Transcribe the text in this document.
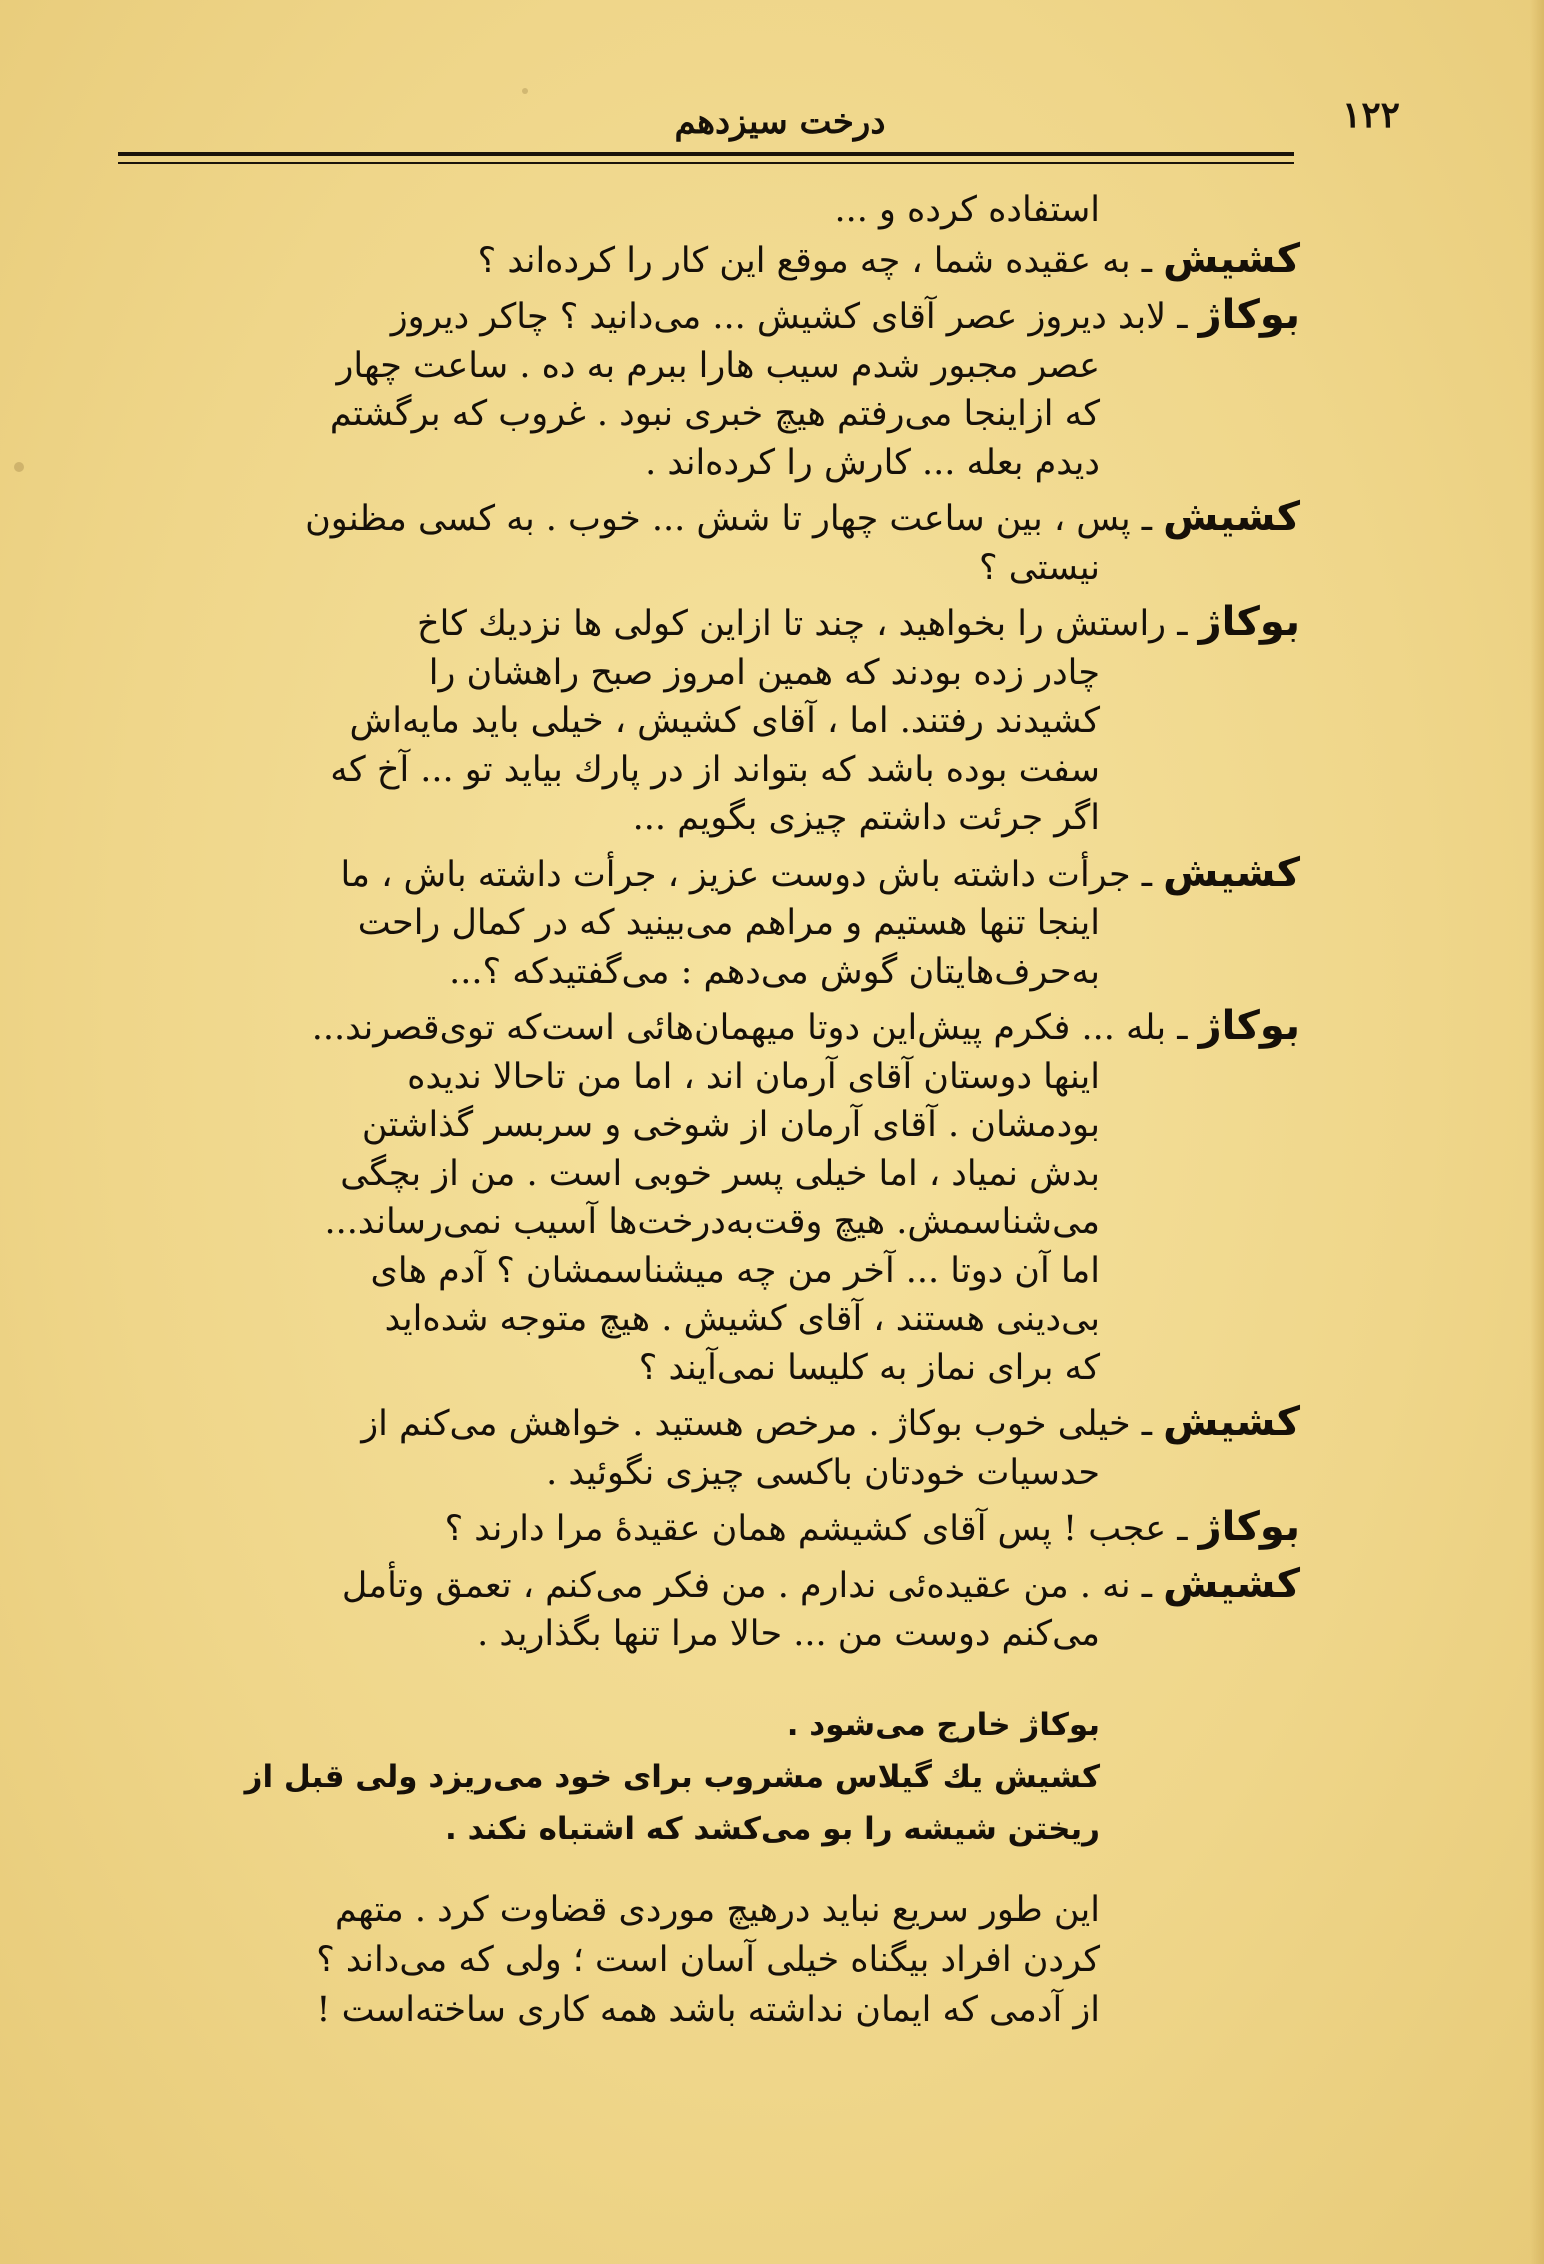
۱۲۲
درخت سیزدهم
استفاده کرده و ...
کشیش ـ به عقیده شما ، چه موقع این کار را کرده‌اند ؟
بوکاژ ـ لابد دیروز عصر آقای کشیش ... می‌دانید ؟ چاکر دیروز
عصر مجبور شدم سیب هارا ببرم به ده . ساعت چهار
که ازاینجا می‌رفتم هیچ خبری نبود . غروب که برگشتم
دیدم بعله ... کارش را کرده‌اند .
کشیش ـ پس ، بین ساعت چهار تا شش ... خوب . به کسی مظنون
نیستی ؟
بوکاژ ـ راستش را بخواهید ، چند تا ازاین کولی ها نزدیك کاخ
چادر زده بودند که همین امروز صبح راهشان را
کشیدند رفتند. اما ، آقای کشیش ، خیلی باید مایه‌اش
سفت بوده باشد که بتواند از در پارك بیاید تو ... آخ که
اگر جرئت داشتم چیزی بگویم ...
کشیش ـ جرأت داشته باش دوست عزیز ، جرأت داشته باش ، ما
اینجا تنها هستیم و مراهم می‌بینید که در کمال راحت
به‌حرف‌هایتان گوش می‌دهم : می‌گفتیدکه ؟...
بوکاژ ـ بله ... فکرم پیش‌این دوتا میهمان‌هائی است‌که توی‌قصرند...
اینها دوستان آقای آرمان اند ، اما من تاحالا ندیده
بودمشان . آقای آرمان از شوخی و سربسر گذاشتن
بدش نمیاد ، اما خیلی پسر خوبی است . من از بچگی
می‌شناسمش. هیچ وقت‌به‌درخت‌ها آسیب نمی‌رساند...
اما آن دوتا ... آخر من چه میشناسمشان ؟ آدم های
بی‌دینی هستند ، آقای کشیش . هیچ متوجه شده‌اید
که برای نماز به کلیسا نمی‌آیند ؟
کشیش ـ خیلی خوب بوکاژ . مرخص هستید . خواهش می‌کنم از
حدسیات خودتان باکسی چیزی نگوئید .
بوکاژ ـ عجب ! پس آقای کشیشم همان عقیدهٔ مرا دارند ؟
کشیش ـ نه . من عقیده‌ئی ندارم . من فکر می‌کنم ، تعمق وتأمل
می‌کنم دوست من ... حالا مرا تنها بگذارید .
بوکاژ خارج می‌شود .
کشیش یك گیلاس مشروب برای خود می‌ریزد ولی قبل از
ریختن شیشه را بو می‌کشد که اشتباه نکند .
این طور سریع نباید درهیچ موردی قضاوت کرد . متهم
کردن افراد بیگناه خیلی آسان است ؛ ولی که می‌داند ؟
از آدمی که ایمان نداشته باشد همه کاری ساخته‌است !
